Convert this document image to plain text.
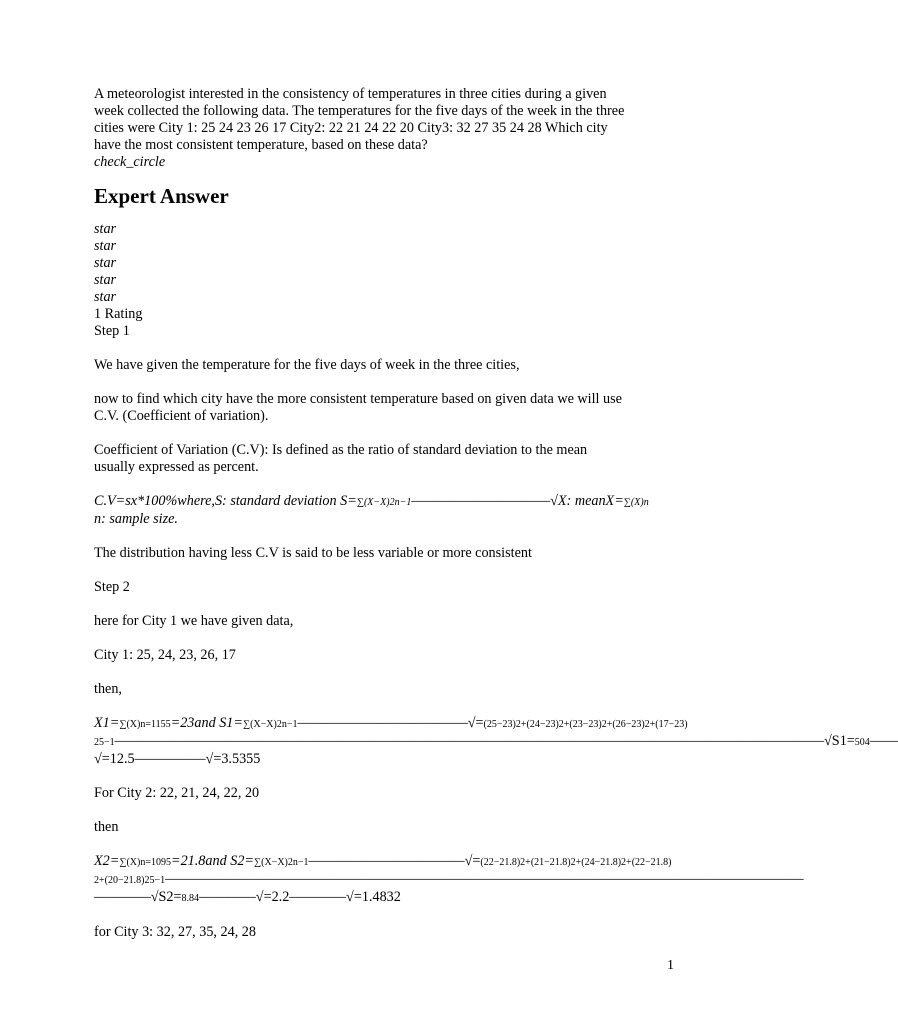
A meteorologist interested in the consistency of temperatures in three cities during a given

week collected the following data. The temperatures for the five days of the week in the three

cities were City 1: 25 24 23 26 17 City2: 22 21 24 22 20 City3: 32 27 35 24 28 Which city

have the most consistent temperature, based on these data?

check_circle

Expert Answer

star

star

star

star

star

1 Rating

Step 1

We have given the temperature for the five days of week in the three cities,

now to find which city have the more consistent temperature based on given data we will use

C.V. (Coefficient of variation).

Coefficient of Variation (C.V): Is defined as the ratio of standard deviation to the mean

usually expressed as percent.

C.V=sx*100%where,S: standard deviation S=∑(X−X)2n−1———————————√X: meanX=∑(X)n

n: sample size.

The distribution having less C.V is said to be less variable or more consistent

Step 2

here for City 1 we have given data,

City 1: 25, 24, 23, 26, 17

then,

X1=∑(X)n=1155=23and S1=∑(X−X)2n−1————————————√=(25−23)2+(24−23)2+(23−23)2+(26−23)2+(17−23)

25−1——————————————————————————————————————————————————√S1=504——

√=12.5—————√=3.5355

For City 2: 22, 21, 24, 22, 20

then

X2=∑(X)n=1095=21.8and S2=∑(X−X)2n−1———————————√=(22−21.8)2+(21−21.8)2+(24−21.8)2+(22−21.8)

2+(20−21.8)25−1—————————————————————————————————————————————

————√S2=8.84————√=2.2————√=1.4832

for City 3: 32, 27, 35, 24, 28

1
